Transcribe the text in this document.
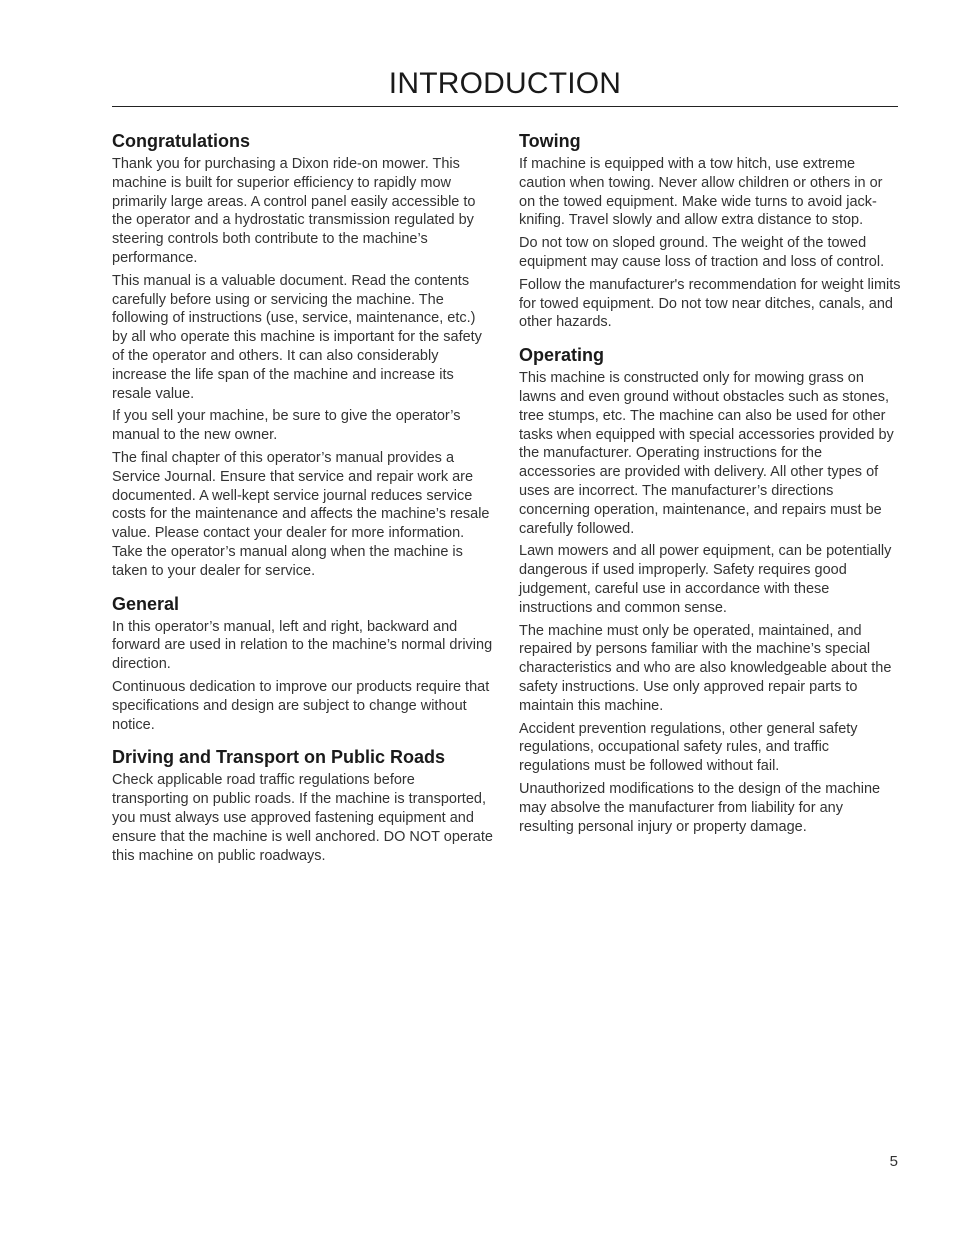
INTRODUCTION
Congratulations

Thank you for purchasing a Dixon ride-on mower. This machine is built for superior efficiency to rapidly mow primarily large areas. A control panel easily accessible to the operator and a hydrostatic transmission regulated by steering controls both contribute to the machine’s performance.

This manual is a valuable document. Read the contents carefully before using or servicing the machine. The following of instructions (use, service, maintenance, etc.) by all who operate this machine is important for the safety of the operator and others. It can also considerably increase the life span of the machine and increase its resale value.

If you sell your machine, be sure to give the operator’s manual to the new owner.

The final chapter of this operator’s manual provides a Service Journal. Ensure that service and repair work are documented. A well-kept service journal reduces service costs for the maintenance and affects the machine’s resale value. Please contact your dealer for more information. Take the operator’s manual along when the machine is taken to your dealer for service.

General

In this operator’s manual, left and right, backward and forward are used in relation to the machine’s normal driving direction.

Continuous dedication to improve our products require that specifications and design are subject to change without notice.

Driving and Transport on Public Roads

Check applicable road traffic regulations before transporting on public roads. If the machine is transported, you must always use approved fastening equipment and ensure that the machine is well anchored. DO NOT operate this machine on public roadways.

Towing

If machine is equipped with a tow hitch, use extreme caution when towing. Never allow children or others in or on the towed equipment. Make wide turns to avoid jack-knifing. Travel slowly and allow extra distance to stop.

Do not tow on sloped ground. The weight of the towed equipment may cause loss of traction and loss of control.

Follow the manufacturer's recommendation for weight limits for towed equipment. Do not tow near ditches, canals, and other hazards.

Operating

This machine is constructed only for mowing grass on lawns and even ground without obstacles such as stones, tree stumps, etc. The machine can also be used for other tasks when equipped with special accessories provided by the manufacturer. Operating instructions for the accessories are provided with delivery. All other types of uses are incorrect. The manufacturer’s directions concerning operation, maintenance, and repairs must be carefully followed.

Lawn mowers and all power equipment, can be potentially dangerous if used improperly. Safety requires good judgement, careful use in accordance with these instructions and common sense.

The machine must only be operated, maintained, and repaired by persons familiar with the machine’s special characteristics and who are also knowledgeable about the safety instructions. Use only approved repair parts to maintain this machine.

Accident prevention regulations, other general safety regulations, occupational safety rules, and traffic regulations must be followed without fail.

Unauthorized modifications to the design of the machine may absolve the manufacturer from liability for any resulting personal injury or property damage.

5
